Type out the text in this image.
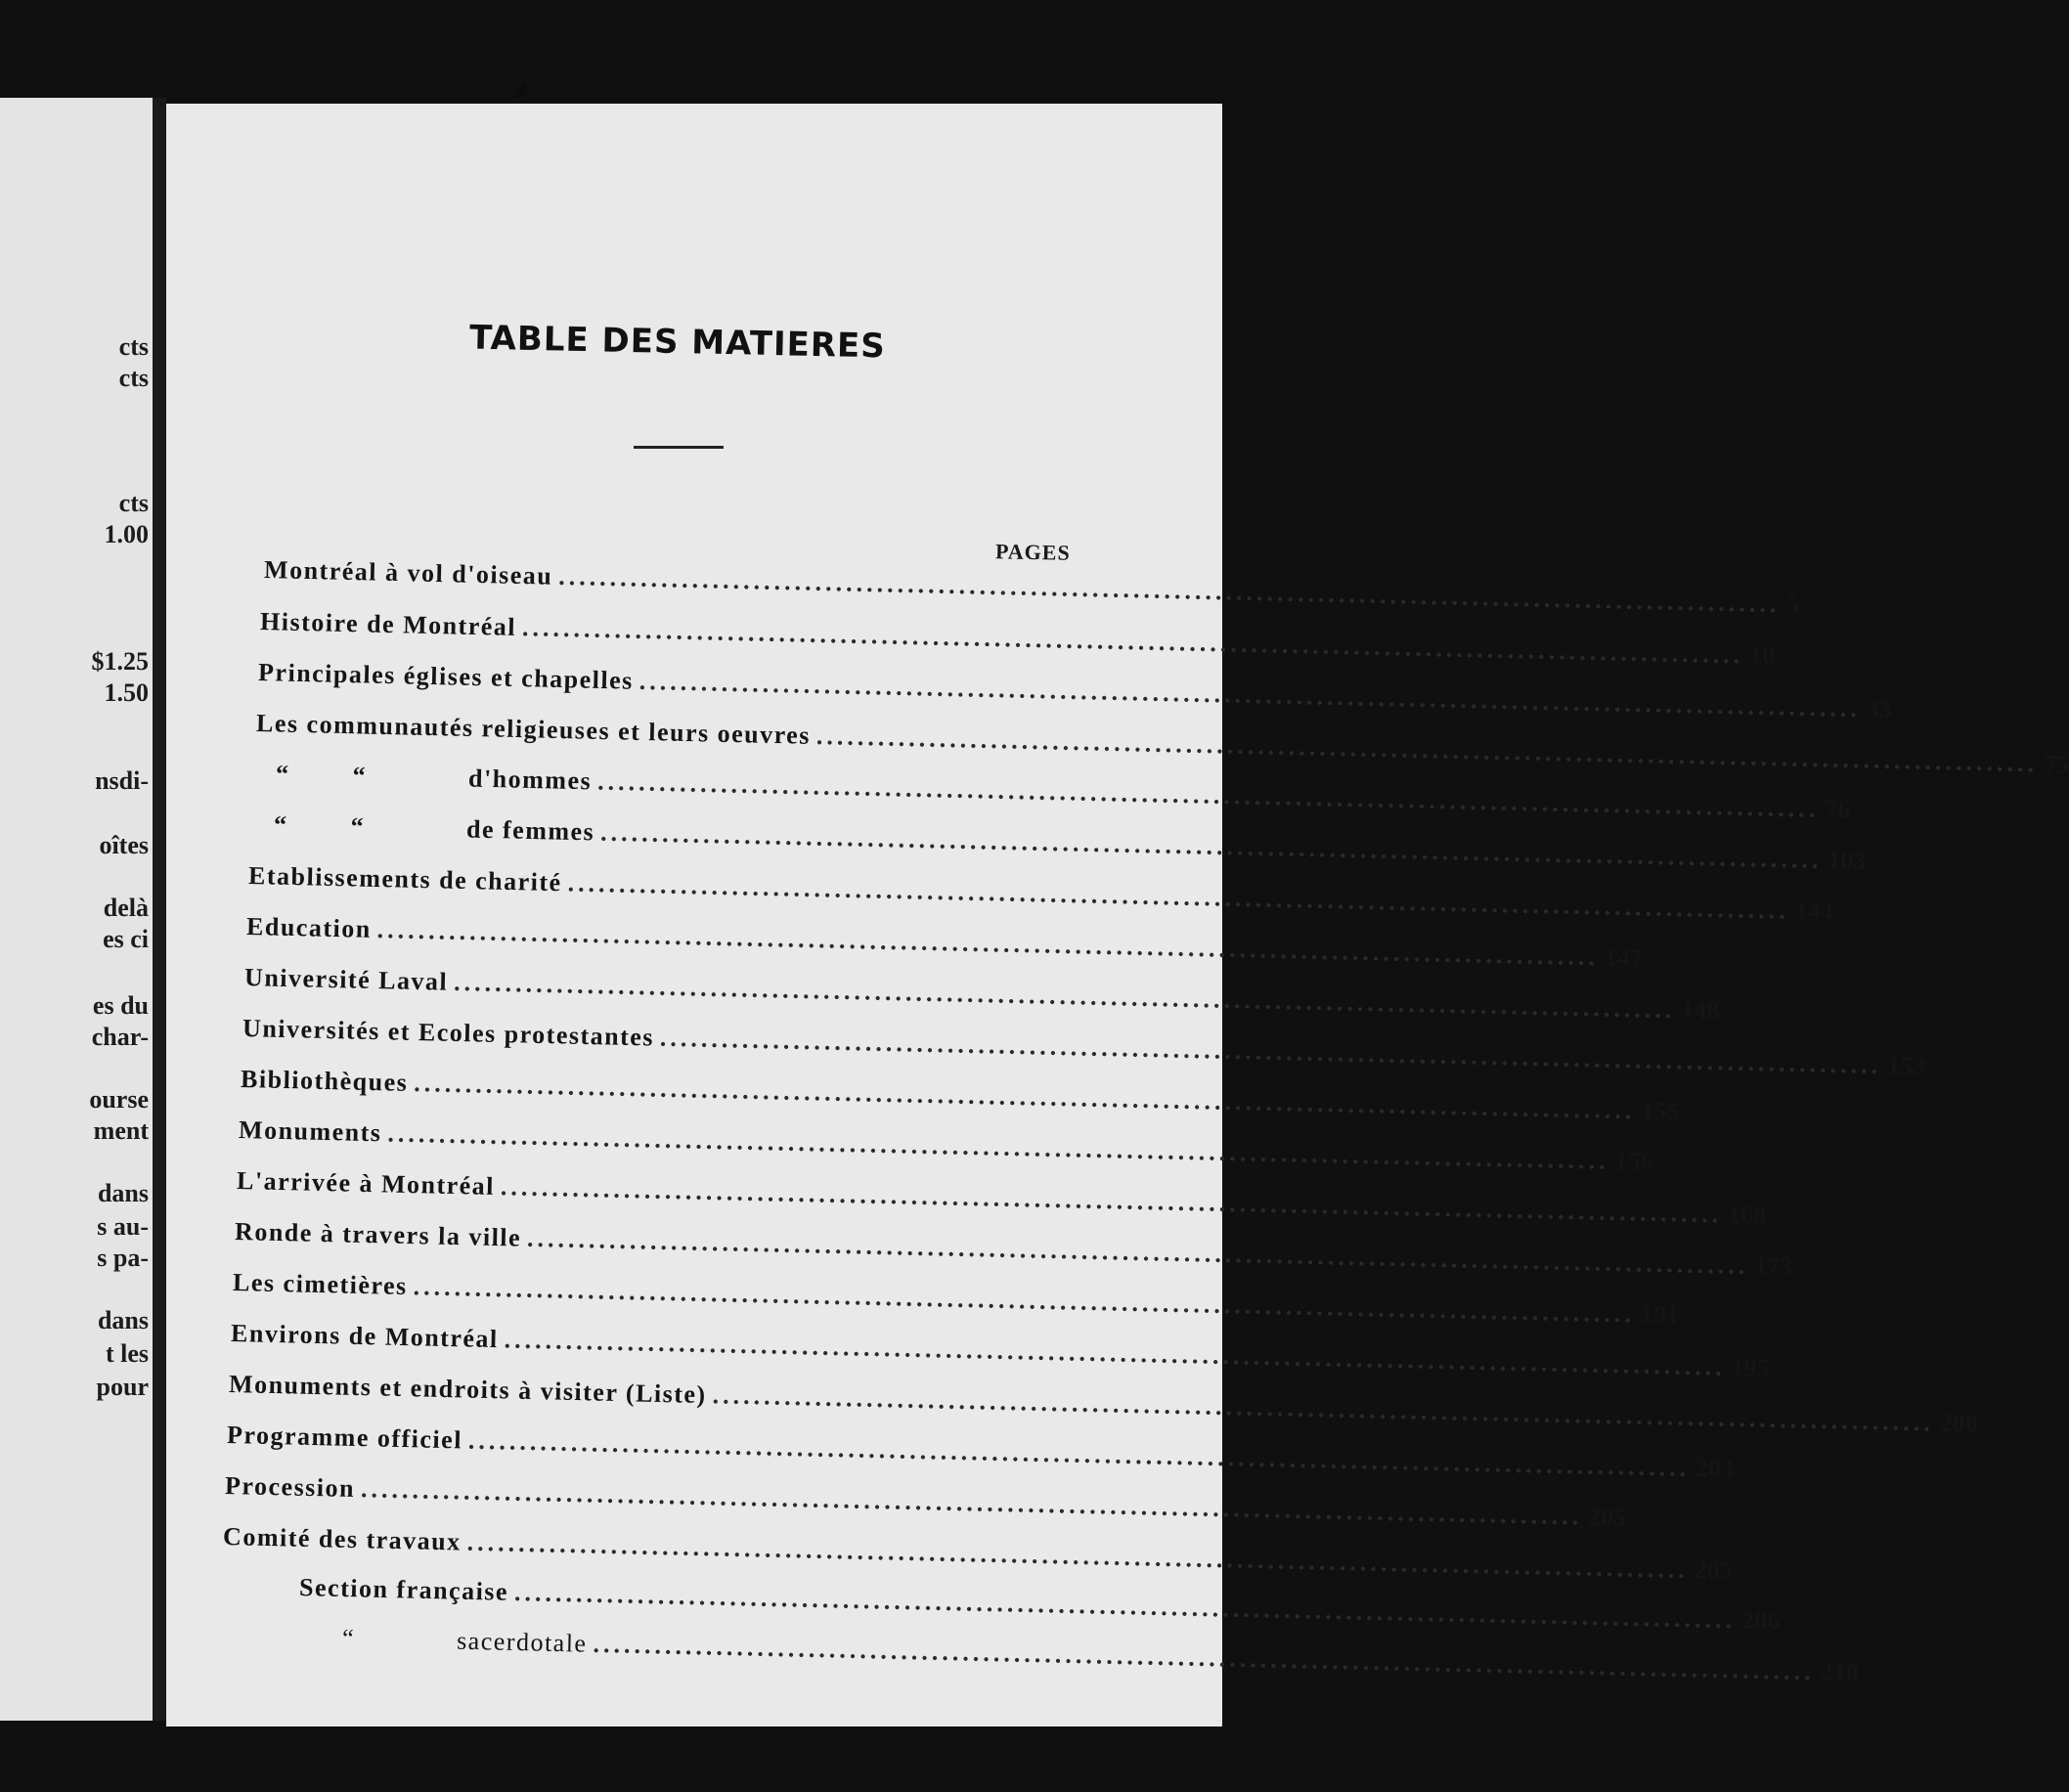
cts
cts
cts
1.00
$1.25
1.50
nsdi-
oîtes
delà
es ci
es du
char-
ourse
ment
dans
s au-
s pa-
dans
t les
pour
TABLE DES MATIERES
PAGES
Montréal à vol d'oiseau ....................................................................................................................... 5
Histoire de Montréal ....................................................................................................................... 10
Principales églises et chapelles ....................................................................................................................... 33
Les communautés religieuses et leurs oeuvres ....................................................................................................................... 75
“        “             d'hommes ....................................................................................................................... 76
“        “             de femmes ....................................................................................................................... 103
Etablissements de charité ....................................................................................................................... 144
Education ....................................................................................................................... 147
Université Laval ....................................................................................................................... 148
Universités et Ecoles protestantes ....................................................................................................................... 153
Bibliothèques ....................................................................................................................... 155
Monuments ....................................................................................................................... 156
L'arrivée à Montréal ....................................................................................................................... 168
Ronde à travers la ville ....................................................................................................................... 173
Les cimetières ....................................................................................................................... 191
Environs de Montréal ....................................................................................................................... 195
Monuments et endroits à visiter (Liste) ....................................................................................................................... 200
Programme officiel ....................................................................................................................... 203
Procession ....................................................................................................................... 205
Comité des travaux ....................................................................................................................... 205
Section française ....................................................................................................................... 206
“             sacerdotale ....................................................................................................................... 210
